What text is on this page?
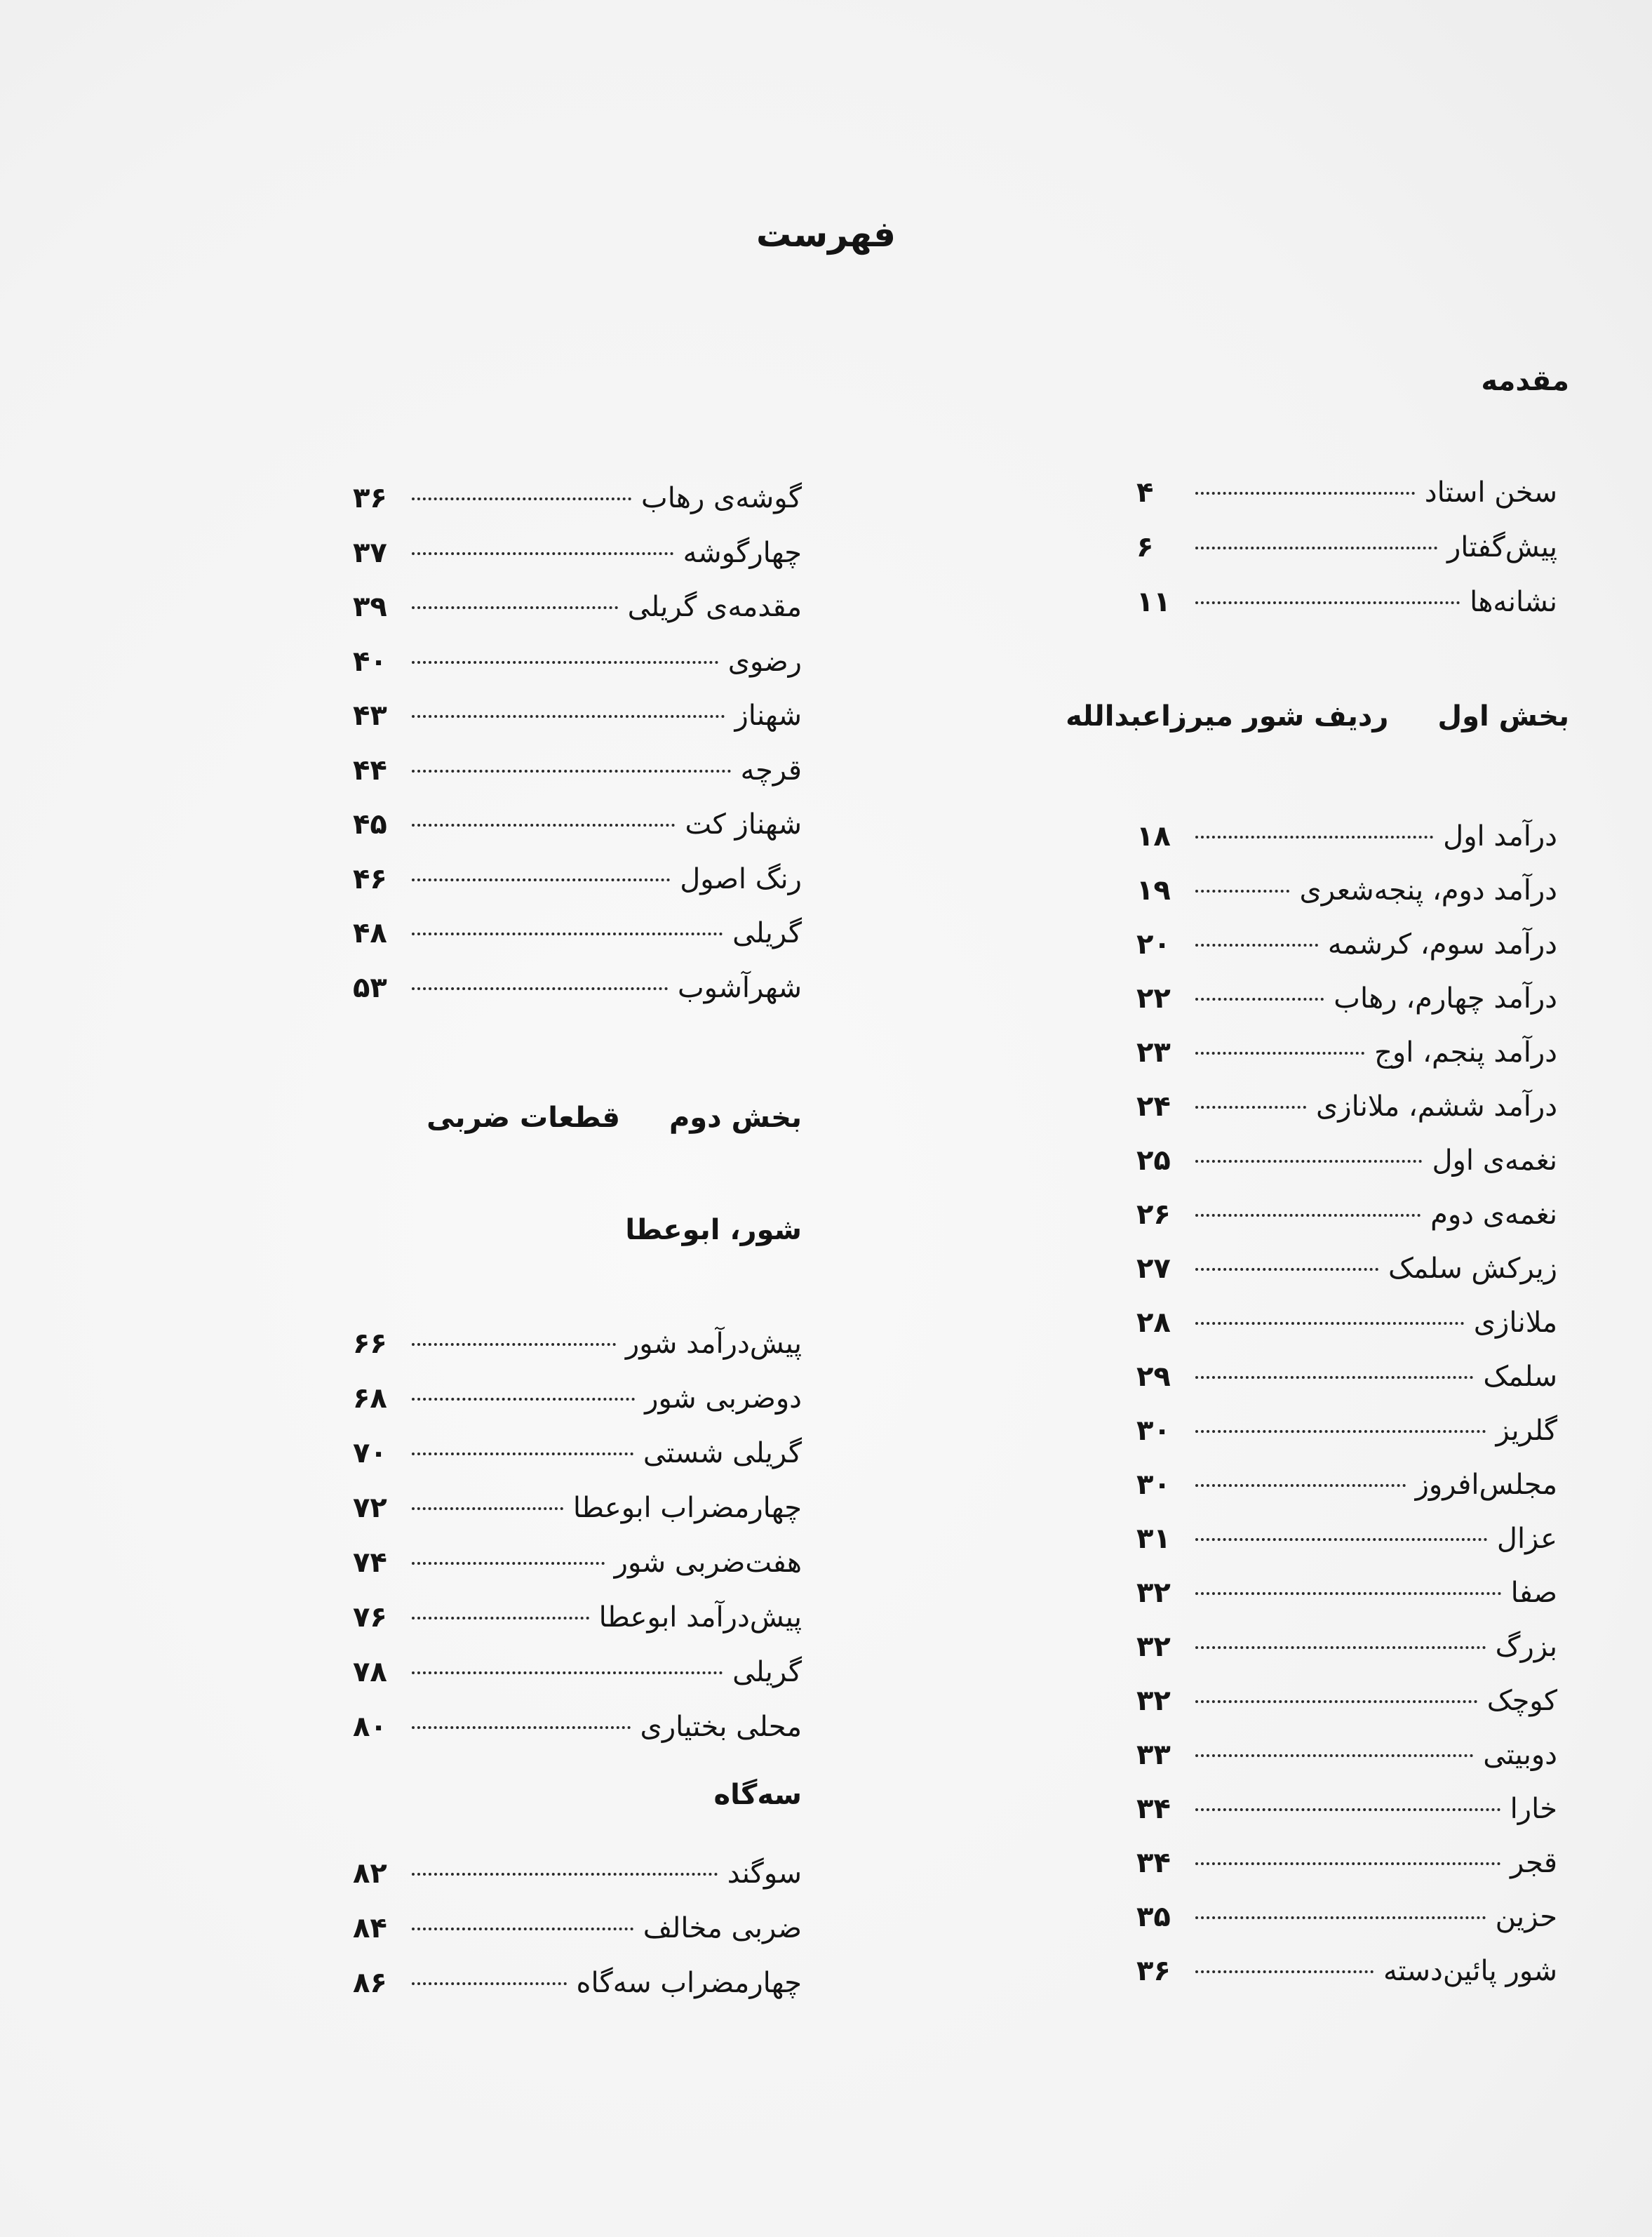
فهرست
مقدمه
سخن استاد
۴
پیش‌گفتار
۶
نشانه‌ها
۱۱
بخش اولردیف شور میرزاعبدالله
درآمد اول
۱۸
درآمد دوم، پنجه‌شعری
۱۹
درآمد سوم، کرشمه
۲۰
درآمد چهارم، رهاب
۲۲
درآمد پنجم، اوج
۲۳
درآمد ششم، ملانازی
۲۴
نغمه‌ی اول
۲۵
نغمه‌ی دوم
۲۶
زیرکش سلمک
۲۷
ملانازی
۲۸
سلمک
۲۹
گلریز
۳۰
مجلس‌افروز
۳۰
عزال
۳۱
صفا
۳۲
بزرگ
۳۲
کوچک
۳۲
دوبیتی
۳۳
خارا
۳۴
قجر
۳۴
حزین
۳۵
شور پائین‌دسته
۳۶
گوشه‌ی رهاب
۳۶
چهارگوشه
۳۷
مقدمه‌ی گریلی
۳۹
رضوی
۴۰
شهناز
۴۳
قرچه
۴۴
شهناز کت
۴۵
رنگ اصول
۴۶
گریلی
۴۸
شهرآشوب
۵۳
بخش دومقطعات ضربی
شور، ابوعطا
پیش‌درآمد شور
۶۶
دوضربی شور
۶۸
گریلی شستی
۷۰
چهارمضراب ابوعطا
۷۲
هفت‌ضربی شور
۷۴
پیش‌درآمد ابوعطا
۷۶
گریلی
۷۸
محلی بختیاری
۸۰
سه‌گاه
سوگند
۸۲
ضربی مخالف
۸۴
چهارمضراب سه‌گاه
۸۶
